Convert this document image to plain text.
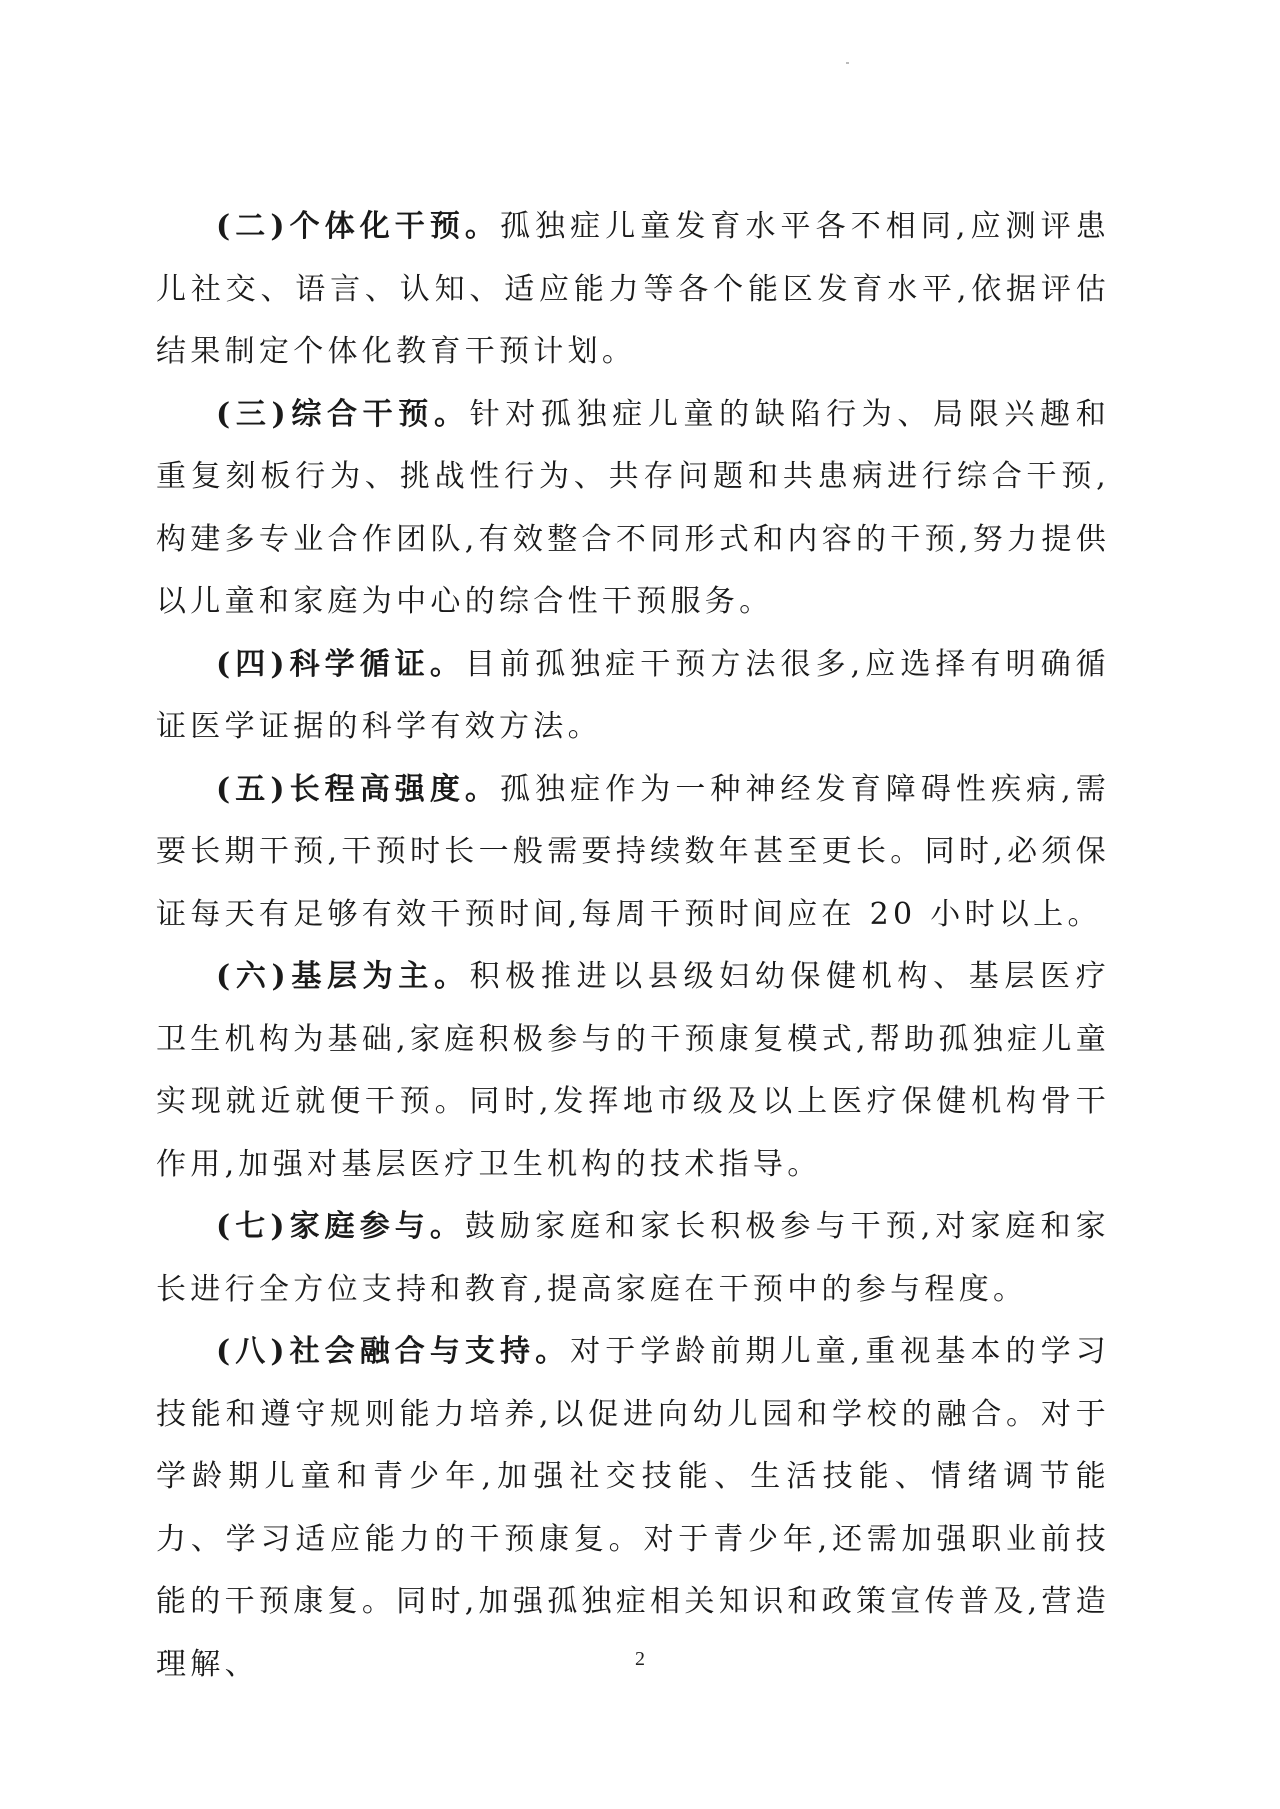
(二)个体化干预。孤独症儿童发育水平各不相同,应测评患儿社交、语言、认知、适应能力等各个能区发育水平,依据评估结果制定个体化教育干预计划。

(三)综合干预。针对孤独症儿童的缺陷行为、局限兴趣和重复刻板行为、挑战性行为、共存问题和共患病进行综合干预,构建多专业合作团队,有效整合不同形式和内容的干预,努力提供以儿童和家庭为中心的综合性干预服务。

(四)科学循证。目前孤独症干预方法很多,应选择有明确循证医学证据的科学有效方法。

(五)长程高强度。孤独症作为一种神经发育障碍性疾病,需要长期干预,干预时长一般需要持续数年甚至更长。同时,必须保证每天有足够有效干预时间,每周干预时间应在 20 小时以上。

(六)基层为主。积极推进以县级妇幼保健机构、基层医疗卫生机构为基础,家庭积极参与的干预康复模式,帮助孤独症儿童实现就近就便干预。同时,发挥地市级及以上医疗保健机构骨干作用,加强对基层医疗卫生机构的技术指导。

(七)家庭参与。鼓励家庭和家长积极参与干预,对家庭和家长进行全方位支持和教育,提高家庭在干预中的参与程度。

(八)社会融合与支持。对于学龄前期儿童,重视基本的学习技能和遵守规则能力培养,以促进向幼儿园和学校的融合。对于学龄期儿童和青少年,加强社交技能、生活技能、情绪调节能力、学习适应能力的干预康复。对于青少年,还需加强职业前技能的干预康复。同时,加强孤独症相关知识和政策宣传普及,营造理解、	2
